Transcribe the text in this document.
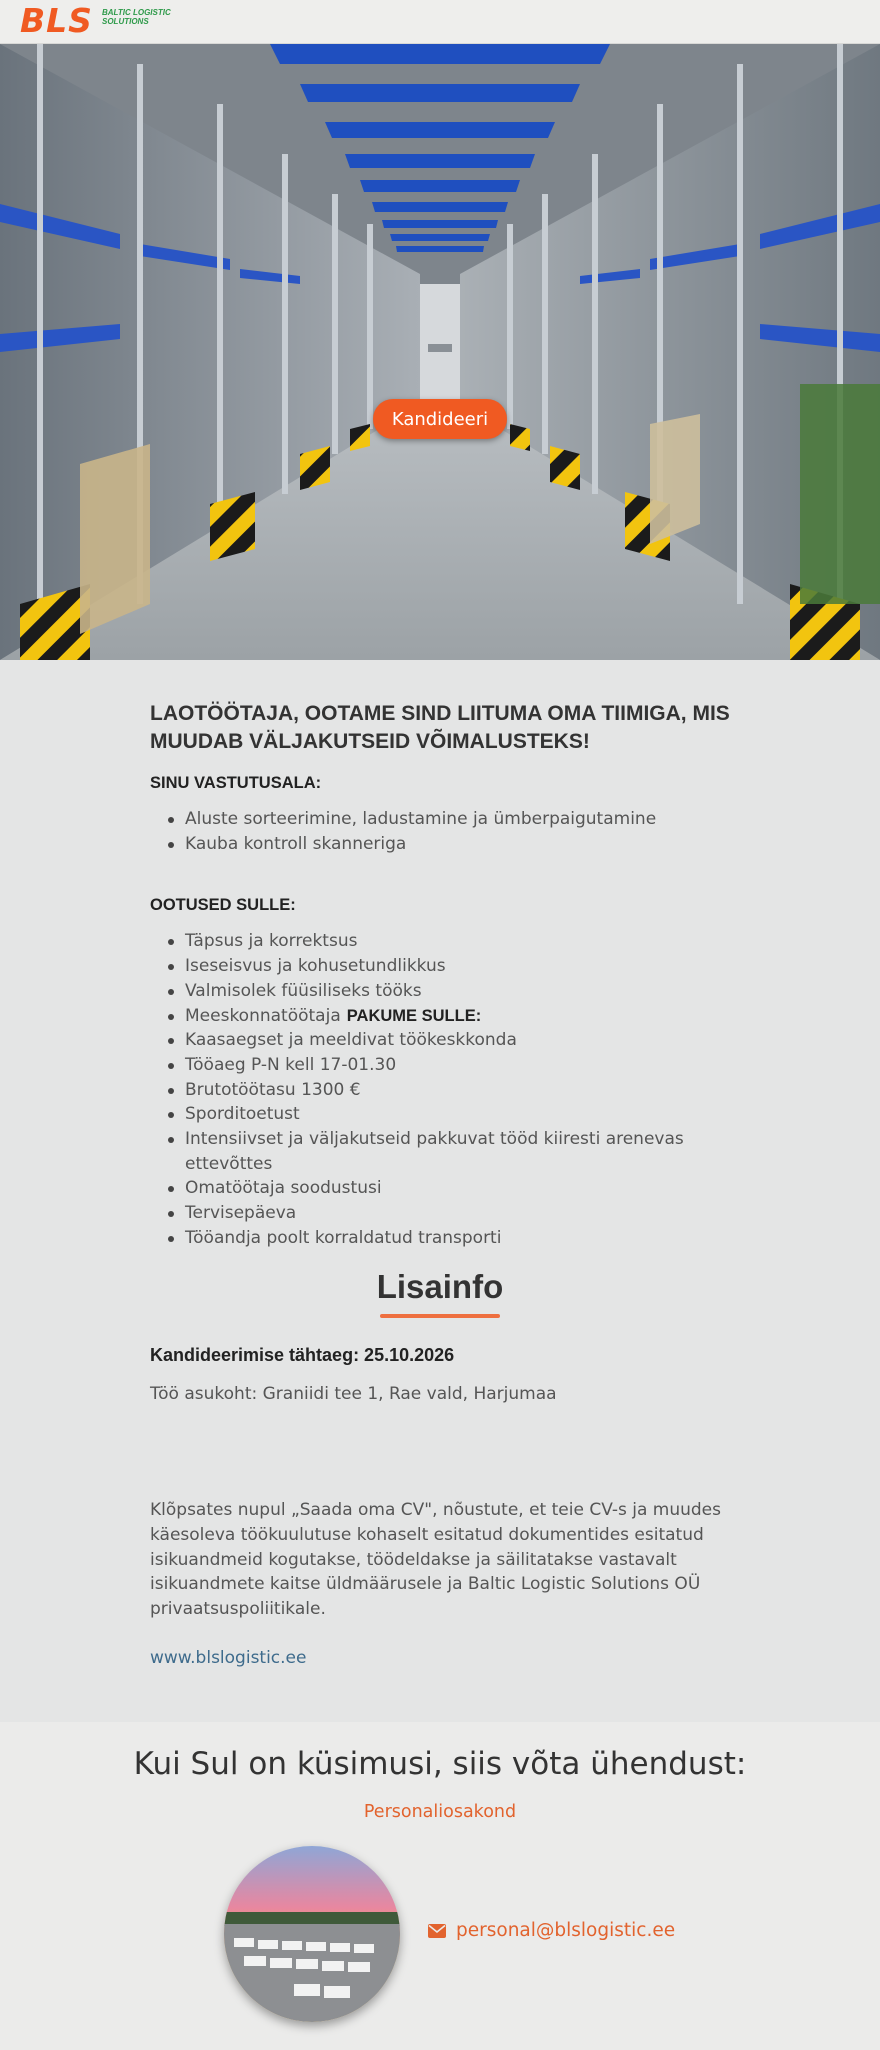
BLS BALTIC LOGISTIC SOLUTIONS
Kandideeri
LAOTÖÖTAJA, OOTAME SIND LIITUMA OMA TIIMIGA, MIS MUUDAB VÄLJAKUTSEID VÕIMALUSTEKS!
SINU VASTUTUSALA:
Aluste sorteerimine, ladustamine ja ümberpaigutamine
Kauba kontroll skanneriga
OOTUSED SULLE:
Täpsus ja korrektsus
Iseseisvus ja kohusetundlikkus
Valmisolek füüsiliseks tööks
Meeskonnatöötaja PAKUME SULLE:
Kaasaegset ja meeldivat töökeskkonda
Tööaeg P-N kell 17-01.30
Brutotöötasu 1300 €
Sporditoetust
Intensiivset ja väljakutseid pakkuvat tööd kiiresti arenevas ettevõttes
Omatöötaja soodustusi
Tervisepäeva
Tööandja poolt korraldatud transporti
Lisainfo
Kandideerimise tähtaeg: 25.10.2026
Töö asukoht: Graniidi tee 1, Rae vald, Harjumaa
Klõpsates nupul „Saada oma CV", nõustute, et teie CV-s ja muudes käesoleva töökuulutuse kohaselt esitatud dokumentides esitatud isikuandmeid kogutakse, töödeldakse ja säilitatakse vastavalt isikuandmete kaitse üldmäärusele ja Baltic Logistic Solutions OÜ privaatsuspoliitikale.
www.blslogistic.ee
Kui Sul on küsimusi, siis võta ühendust:
Personaliosakond
personal@blslogistic.ee
